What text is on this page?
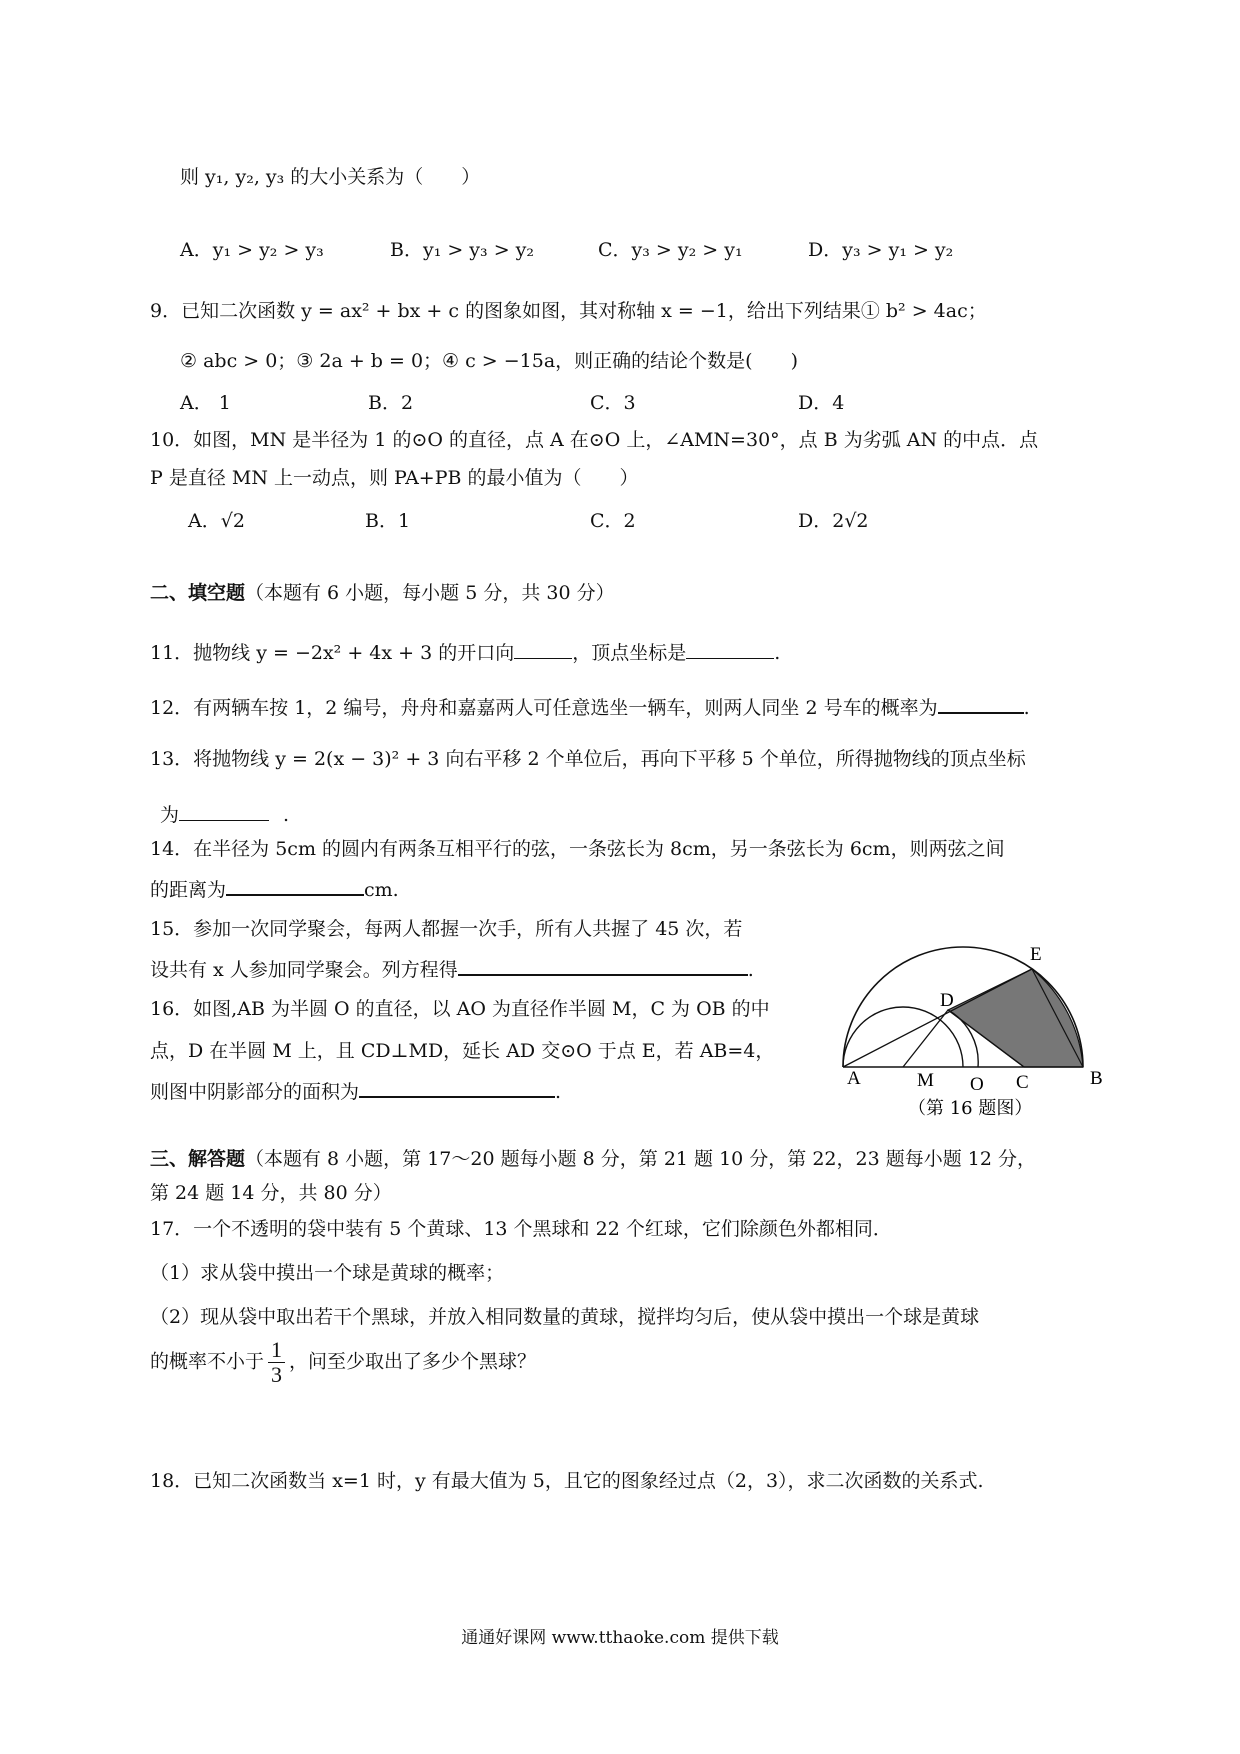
则 y₁, y₂, y₃ 的大小关系为（　　）
A．y₁ > y₂ > y₃	B．y₁ > y₃ > y₂	C．y₃ > y₂ > y₁	D．y₃ > y₁ > y₂
9．已知二次函数 y = ax² + bx + c 的图象如图，其对称轴 x = −1，给出下列结果① b² > 4ac；
② abc > 0；③ 2a + b = 0；④ c > −15a，则正确的结论个数是(　　)
A． 1	B．2	C．3	D．4
10．如图，MN 是半径为 1 的⊙O 的直径，点 A 在⊙O 上，∠AMN=30°，点 B 为劣弧 AN 的中点．点
P 是直径 MN 上一动点，则 PA+PB 的最小值为（　　）
A．√2	B．1	C．2	D．2√2
二、填空题（本题有 6 小题，每小题 5 分，共 30 分）
11．抛物线 y = −2x² + 4x + 3 的开口向	，顶点坐标是	.
12．有两辆车按 1，2 编号，舟舟和嘉嘉两人可任意选坐一辆车，则两人同坐 2 号车的概率为	.
13．将抛物线 y = 2(x − 3)² + 3 向右平移 2 个单位后，再向下平移 5 个单位，所得抛物线的顶点坐标
为	.
14．在半径为 5cm 的圆内有两条互相平行的弦，一条弦长为 8cm，另一条弦长为 6cm，则两弦之间
的距离为	cm.
15．参加一次同学聚会，每两人都握一次手，所有人共握了 45 次，若
设共有 x 人参加同学聚会。列方程得	.
16．如图,AB 为半圆 O 的直径，以 AO 为直径作半圆 M，C 为 OB 的中
点，D 在半圆 M 上，且 CD⊥MD，延长 AD 交⊙O 于点 E，若 AB=4，
则图中阴影部分的面积为	.
E
D
A	M O C	B
（第 16 题图）
三、解答题（本题有 8 小题，第 17～20 题每小题 8 分，第 21 题 10 分，第 22，23 题每小题 12 分，
第 24 题 14 分，共 80 分）
17．一个不透明的袋中装有 5 个黄球、13 个黑球和 22 个红球，它们除颜色外都相同．
（1）求从袋中摸出一个球是黄球的概率；
（2）现从袋中取出若干个黑球，并放入相同数量的黄球，搅拌均匀后，使从袋中摸出一个球是黄球
的概率不小于 $\frac{1}{3}$ ，问至少取出了多少个黑球？
18．已知二次函数当 x=1 时，y 有最大值为 5，且它的图象经过点（2，3），求二次函数的关系式.
通通好课网 www.tthaoke.com 提供下载
